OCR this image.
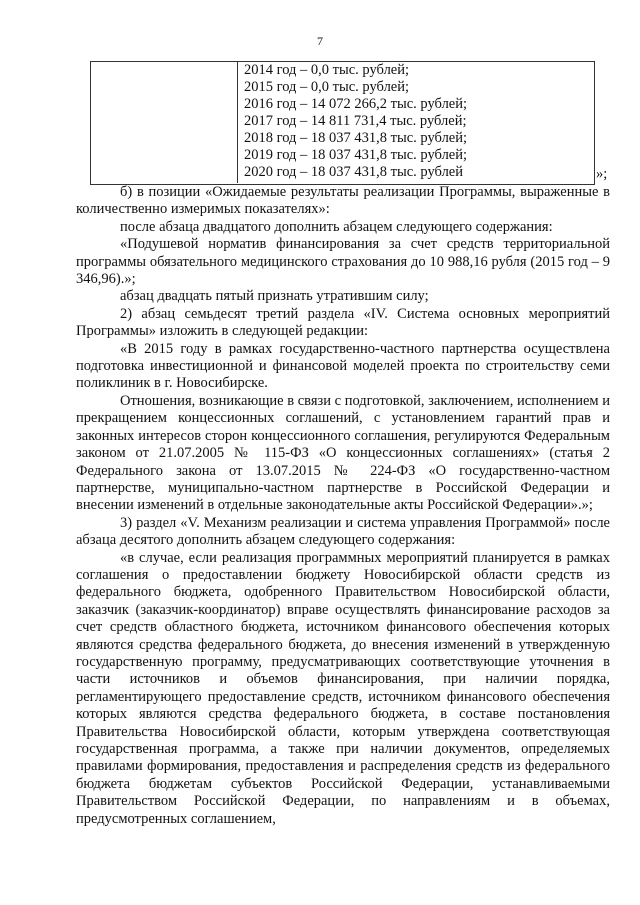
7
2014 год – 0,0 тыс. рублей;
2015 год – 0,0 тыс. рублей;
2016 год – 14 072 266,2 тыс. рублей;
2017 год – 14 811 731,4 тыс. рублей;
2018 год – 18 037 431,8 тыс. рублей;
2019 год – 18 037 431,8 тыс. рублей;
2020 год – 18 037 431,8 тыс. рублей	»;

б) в позиции «Ожидаемые результаты реализации Программы, выраженные в количественно измеримых показателях»:

после абзаца двадцатого дополнить абзацем следующего содержания:

«Подушевой норматив финансирования за счет средств территориальной программы обязательного медицинского страхования до 10 988,16 рубля (2015 год – 9 346,96).»;

абзац двадцать пятый признать утратившим силу;

2) абзац семьдесят третий раздела «IV. Система основных мероприятий Программы» изложить в следующей редакции:

«В 2015 году в рамках государственно-частного партнерства осуществлена подготовка инвестиционной и финансовой моделей проекта по строительству семи поликлиник в г. Новосибирске.

Отношения, возникающие в связи с подготовкой, заключением, исполнением и прекращением концессионных соглашений, с установлением гарантий прав и законных интересов сторон концессионного соглашения, регулируются Федеральным законом от 21.07.2005 № 115-ФЗ «О концессионных соглашениях» (статья 2 Федерального закона от 13.07.2015 № 224-ФЗ «О государственно-частном партнерстве, муниципально-частном партнерстве в Российской Федерации и внесении изменений в отдельные законодательные акты Российской Федерации».»;

3) раздел «V. Механизм реализации и система управления Программой» после абзаца десятого дополнить абзацем следующего содержания:

«в случае, если реализация программных мероприятий планируется в рамках соглашения о предоставлении бюджету Новосибирской области средств из федерального бюджета, одобренного Правительством Новосибирской области, заказчик (заказчик-координатор) вправе осуществлять финансирование расходов за счет средств областного бюджета, источником финансового обеспечения которых являются средства федерального бюджета, до внесения изменений в утвержденную государственную программу, предусматривающих соответствующие уточнения в части источников и объемов финансирования, при наличии порядка, регламентирующего предоставление средств, источником финансового обеспечения которых являются средства федерального бюджета, в составе постановления Правительства Новосибирской области, которым утверждена соответствующая государственная программа, а также при наличии документов, определяемых правилами формирования, предоставления и распределения средств из федерального бюджета бюджетам субъектов Российской Федерации, устанавливаемыми Правительством Российской Федерации, по направлениям и в объемах, предусмотренных соглашением,
